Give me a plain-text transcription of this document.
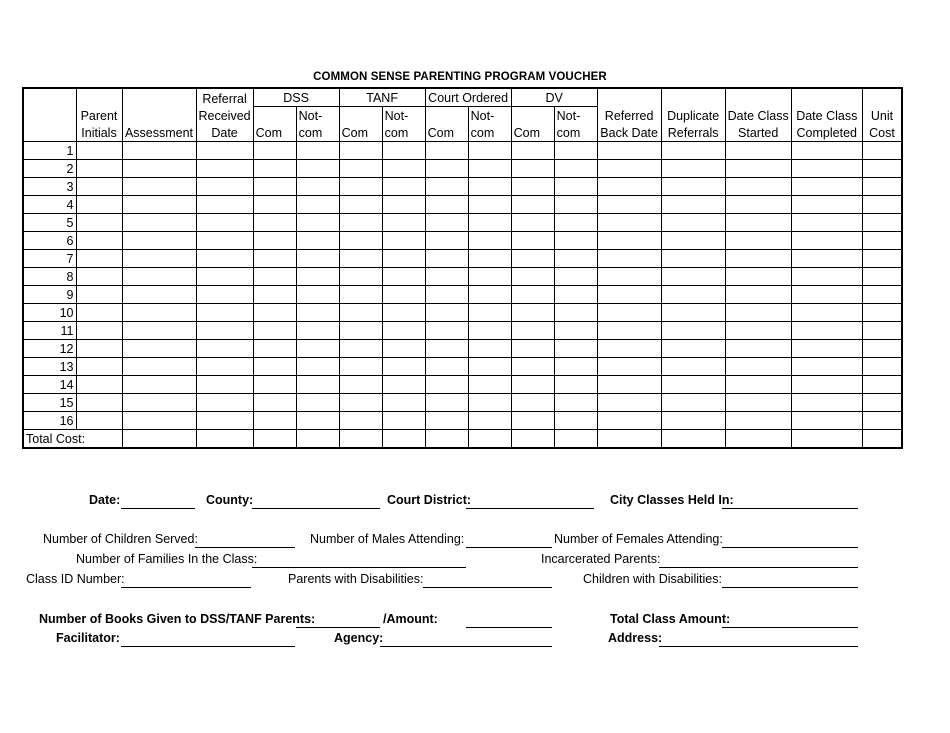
COMMON SENSE PARENTING PROGRAM VOUCHER
			Referral	DSS		TANF		Court Ordered		DV						
	Parent		Received		Not-		Not-		Not-		Not-	Referred	Duplicate	Date Class	Date Class	Unit
	Initials	Assessment	Date	Com	com	Com	com	Com	com	Com	com	Back Date	Referrals	Started	Completed	Cost
1																
2																
3																
4																
5																
6																
7																
8																
9																
10																
11																
12																
13																
14																
15																
16																
Total Cost:																
Date:	County:	Court District:	City Classes Held In:
Number of Children Served:	Number of Males Attending:	Number of Females Attending:
Number of Families In the Class:	Incarcerated Parents:
Class ID Number:	Parents with Disabilities:	Children with Disabilities:
Number of Books Given to DSS/TANF Parents:	/Amount:	Total Class Amount:
Facilitator:	Agency:	Address:
